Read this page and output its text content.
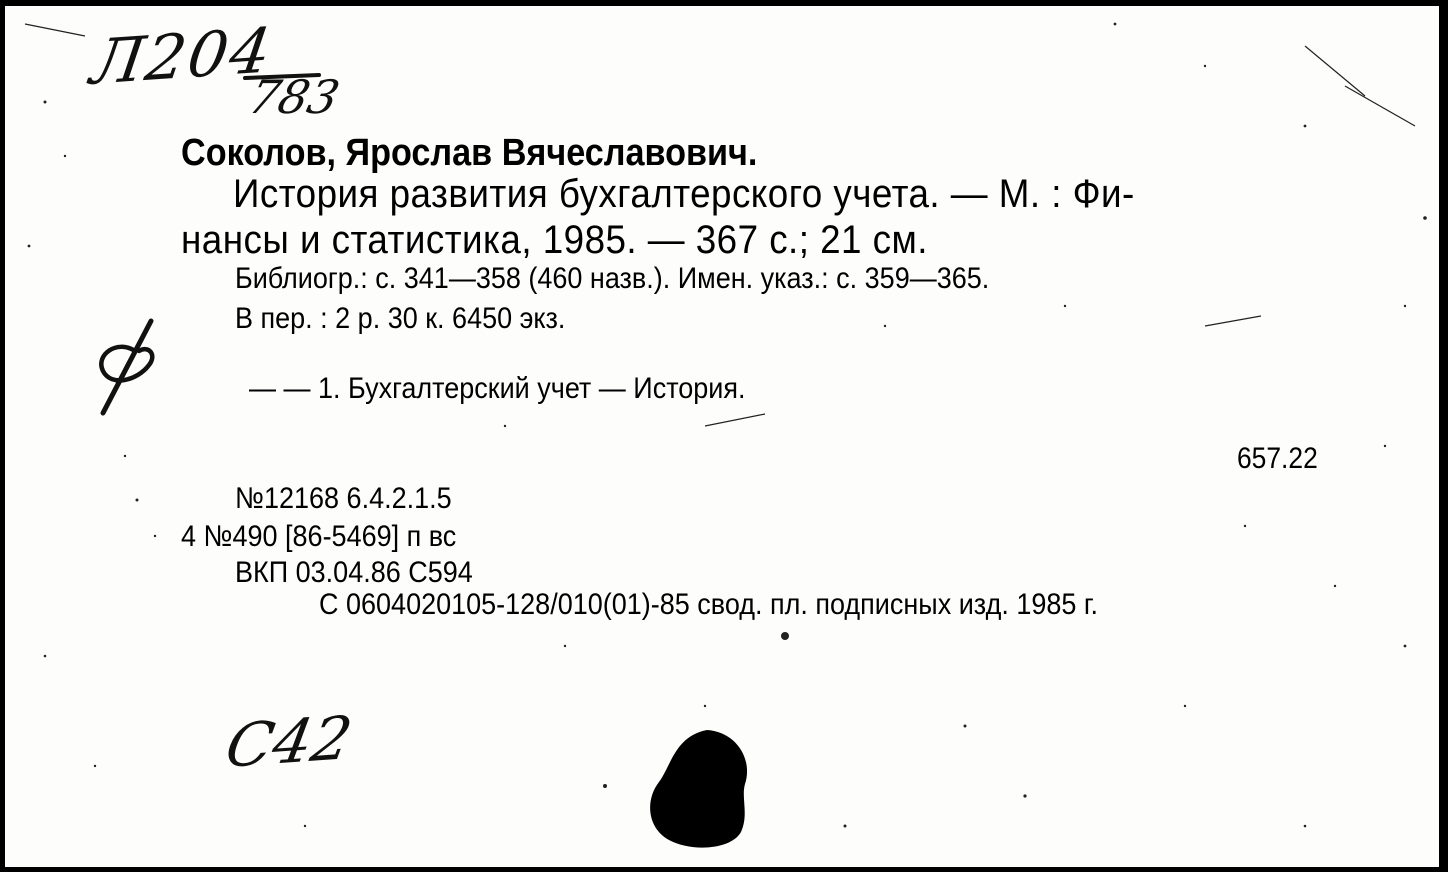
Л204
783
Соколов, Ярослав Вячеславович.
История развития бухгалтерского учета. — М. : Фи-
нансы и статистика, 1985. — 367 с.; 21 см.
Библиогр.: с. 341—358 (460 назв.). Имен. указ.: с. 359—365.
В пер. : 2 р. 30 к. 6450 экз.
— — 1. Бухгалтерский учет — История.
657.22
№12168 6.4.2.1.5
4 №490 [86-5469] п вс
ВКП 03.04.86 С594
С 0604020105-128/010(01)-85 свод. пл. подписных изд. 1985 г.
С42
